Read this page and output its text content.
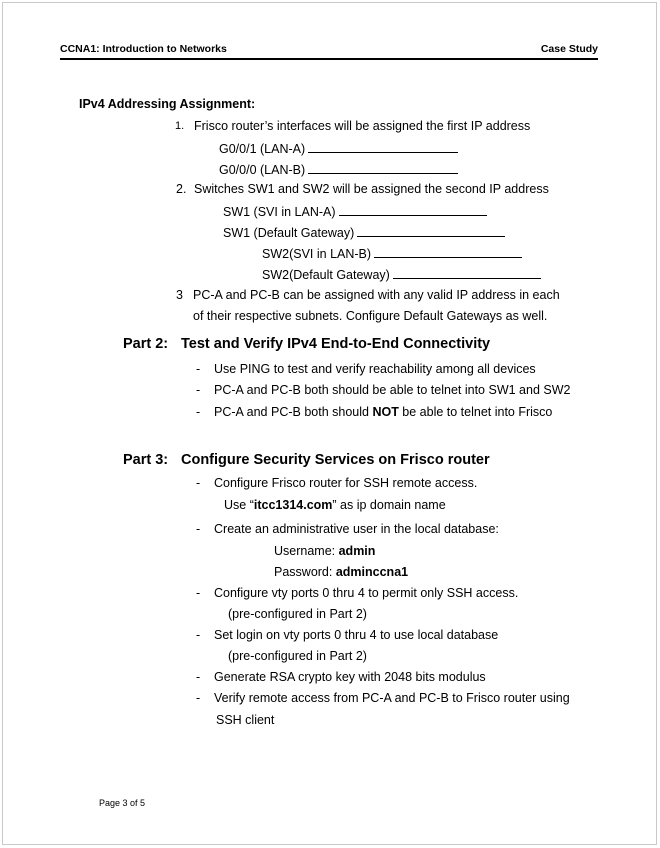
CCNA1: Introduction to Networks	Case Study
IPv4 Addressing Assignment:
1. Frisco router’s interfaces will be assigned the first IP address
G0/0/1 (LAN-A)
G0/0/0 (LAN-B)
2. Switches SW1 and SW2 will be assigned the second IP address
SW1 (SVI in LAN-A)
SW1 (Default Gateway)
SW2(SVI in LAN-B)
SW2(Default Gateway)
3 PC-A and PC-B can be assigned with any valid IP address in each
of their respective subnets. Configure Default Gateways as well.
Part 2: Test and Verify IPv4 End-to-End Connectivity
- Use PING to test and verify reachability among all devices
- PC-A and PC-B both should be able to telnet into SW1 and SW2
- PC-A and PC-B both should NOT be able to telnet into Frisco
Part 3: Configure Security Services on Frisco router
- Configure Frisco router for SSH remote access.
Use “itcc1314.com” as ip domain name
- Create an administrative user in the local database:
Username: admin
Password: adminccna1
- Configure vty ports 0 thru 4 to permit only SSH access.
(pre-configured in Part 2)
- Set login on vty ports 0 thru 4 to use local database
(pre-configured in Part 2)
- Generate RSA crypto key with 2048 bits modulus
- Verify remote access from PC-A and PC-B to Frisco router using
SSH client
Page 3 of 5
